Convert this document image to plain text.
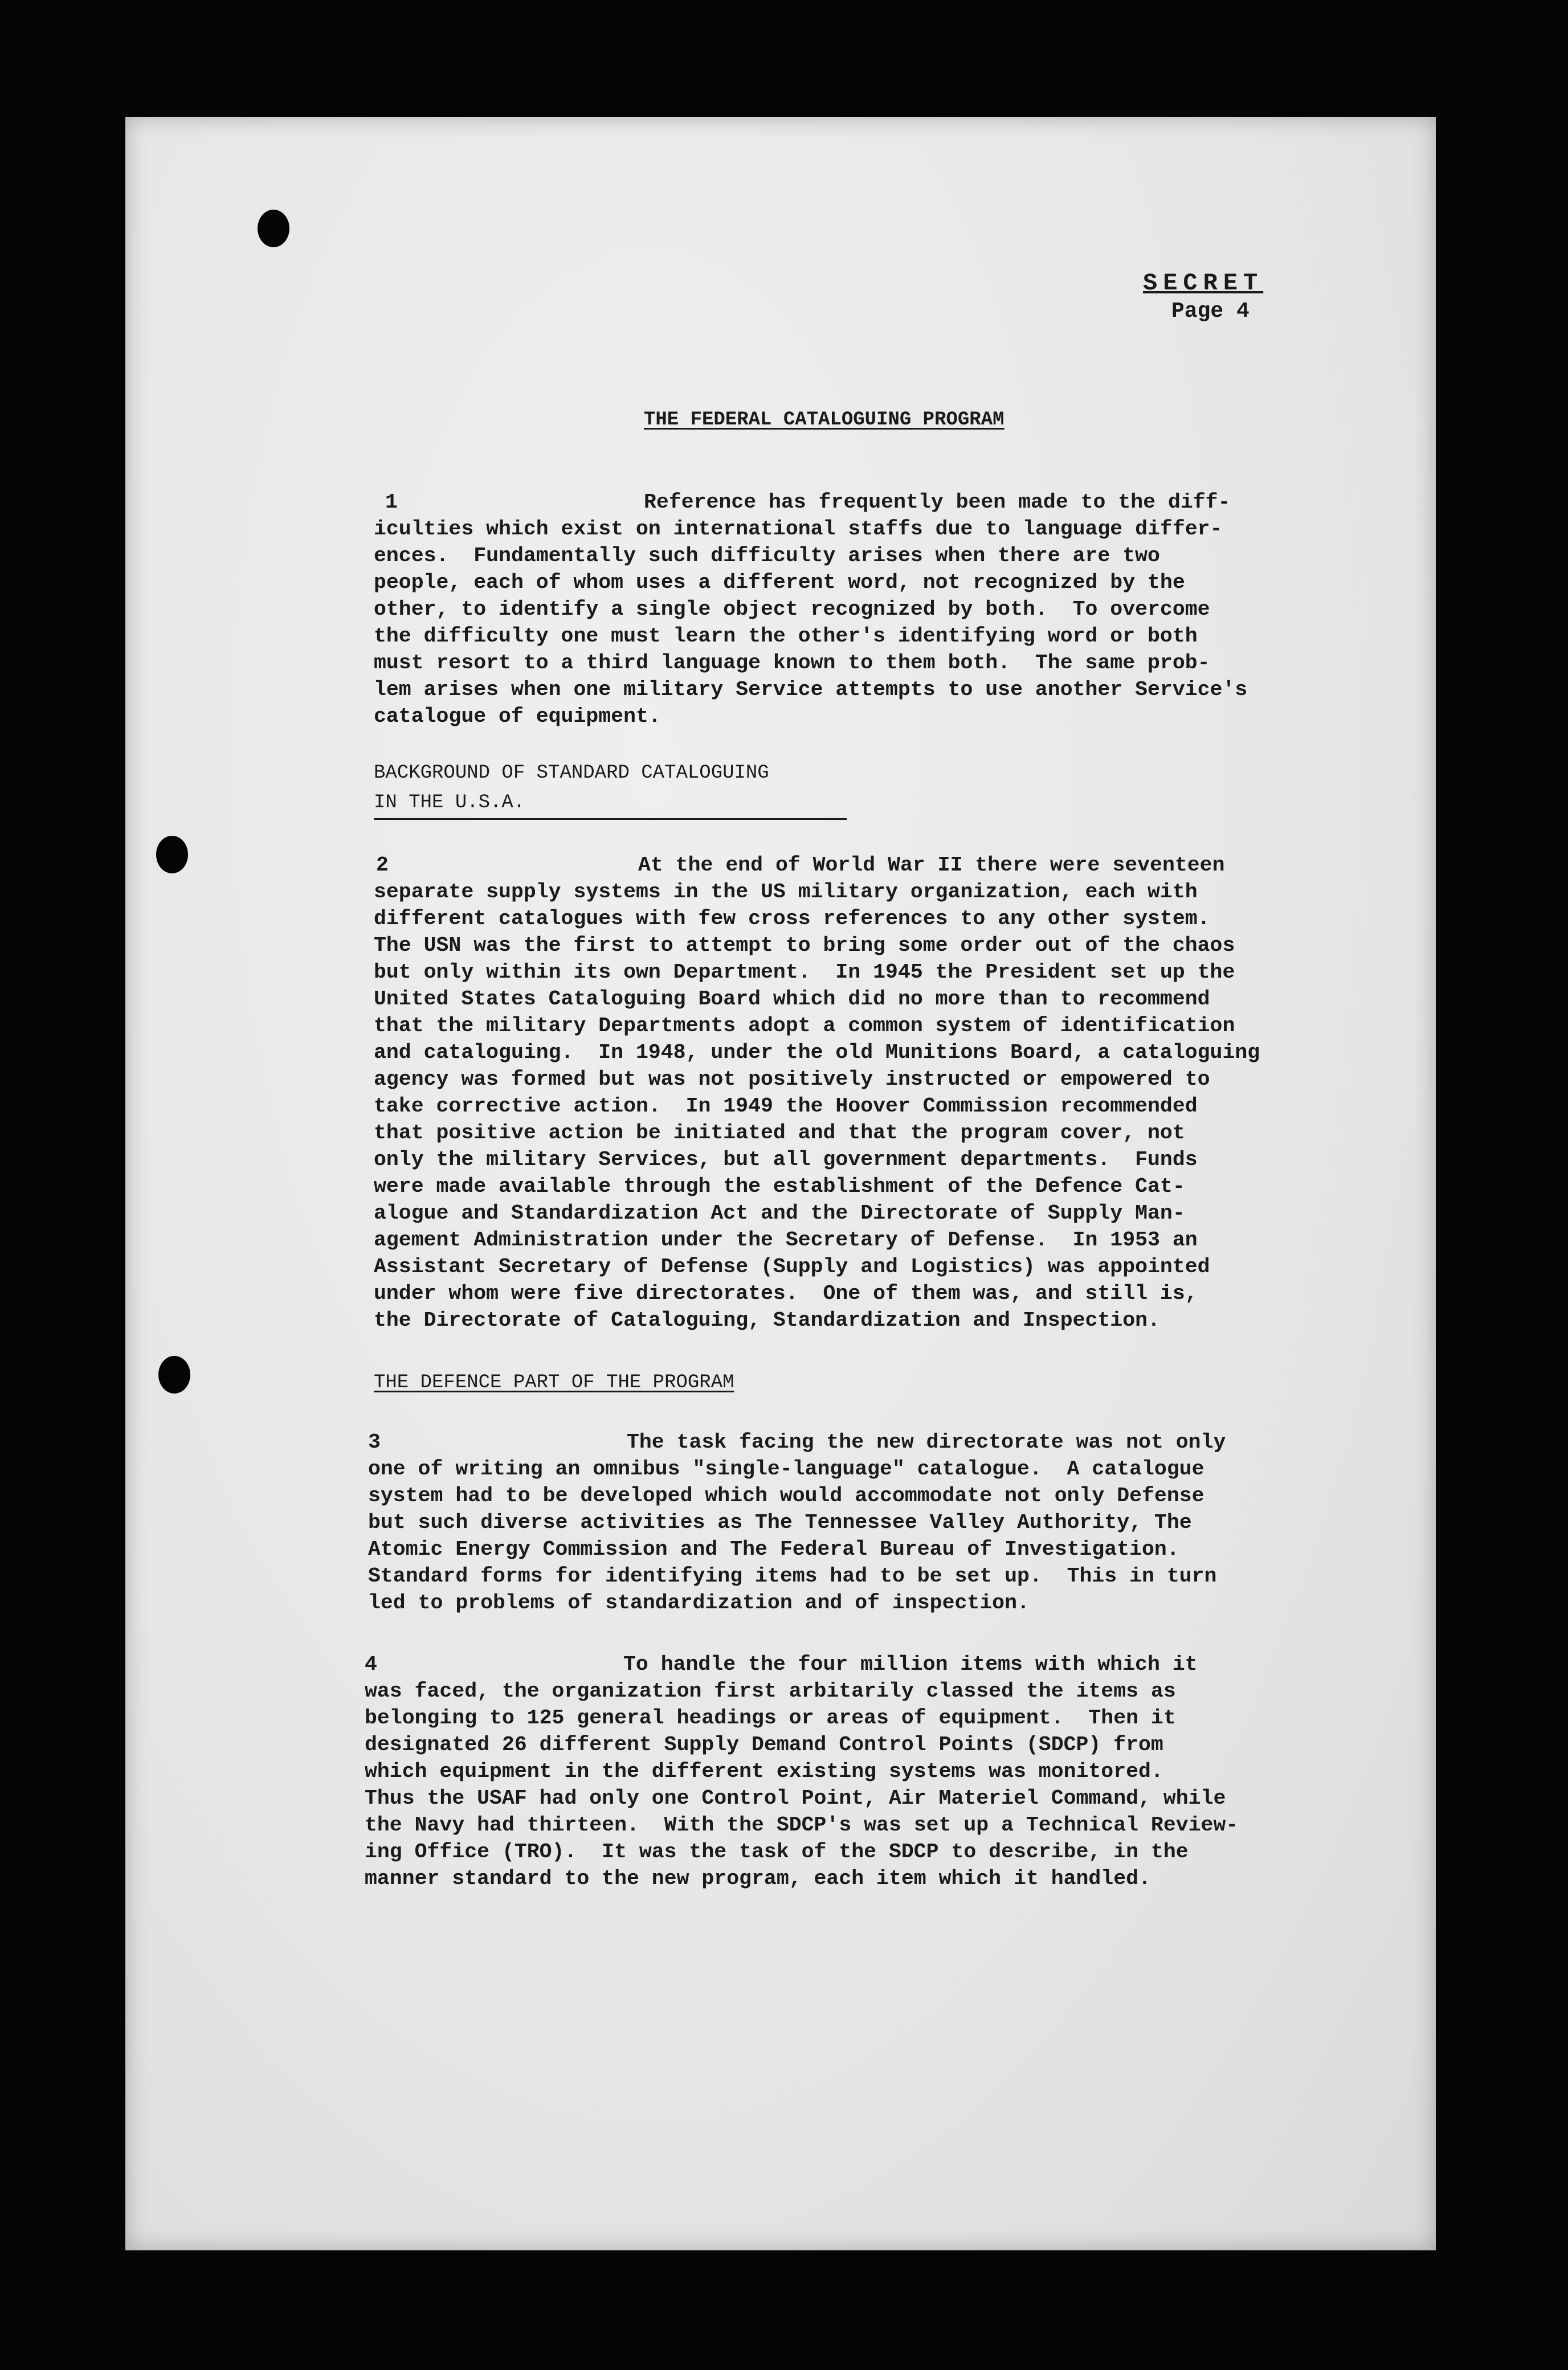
SECRET

Page 4

THE FEDERAL CATALOGUING PROGRAM

1	Reference has frequently been made to the diff-

iculties which exist on international staffs due to language differ-

ences.  Fundamentally such difficulty arises when there are two

people, each of whom uses a different word, not recognized by the

other, to identify a single object recognized by both.  To overcome

the difficulty one must learn the other's identifying word or both

must resort to a third language known to them both.  The same prob-

lem arises when one military Service attempts to use another Service's

catalogue of equipment.

BACKGROUND OF STANDARD CATALOGUING

IN THE U.S.A.

2	At the end of World War II there were seventeen

separate supply systems in the US military organization, each with

different catalogues with few cross references to any other system.

The USN was the first to attempt to bring some order out of the chaos

but only within its own Department.  In 1945 the President set up the

United States Cataloguing Board which did no more than to recommend

that the military Departments adopt a common system of identification

and cataloguing.  In 1948, under the old Munitions Board, a cataloguing

agency was formed but was not positively instructed or empowered to

take corrective action.  In 1949 the Hoover Commission recommended

that positive action be initiated and that the program cover, not

only the military Services, but all government departments.  Funds

were made available through the establishment of the Defence Cat-

alogue and Standardization Act and the Directorate of Supply Man-

agement Administration under the Secretary of Defense.  In 1953 an

Assistant Secretary of Defense (Supply and Logistics) was appointed

under whom were five directorates.  One of them was, and still is,

the Directorate of Cataloguing, Standardization and Inspection.

THE DEFENCE PART OF THE PROGRAM

3	The task facing the new directorate was not only

one of writing an omnibus "single-language" catalogue.  A catalogue

system had to be developed which would accommodate not only Defense

but such diverse activities as The Tennessee Valley Authority, The

Atomic Energy Commission and The Federal Bureau of Investigation.

Standard forms for identifying items had to be set up.  This in turn

led to problems of standardization and of inspection.

4	To handle the four million items with which it

was faced, the organization first arbitarily classed the items as

belonging to 125 general headings or areas of equipment.  Then it

designated 26 different Supply Demand Control Points (SDCP) from

which equipment in the different existing systems was monitored.

Thus the USAF had only one Control Point, Air Materiel Command, while

the Navy had thirteen.  With the SDCP's was set up a Technical Review-

ing Office (TRO).  It was the task of the SDCP to describe, in the

manner standard to the new program, each item which it handled.
